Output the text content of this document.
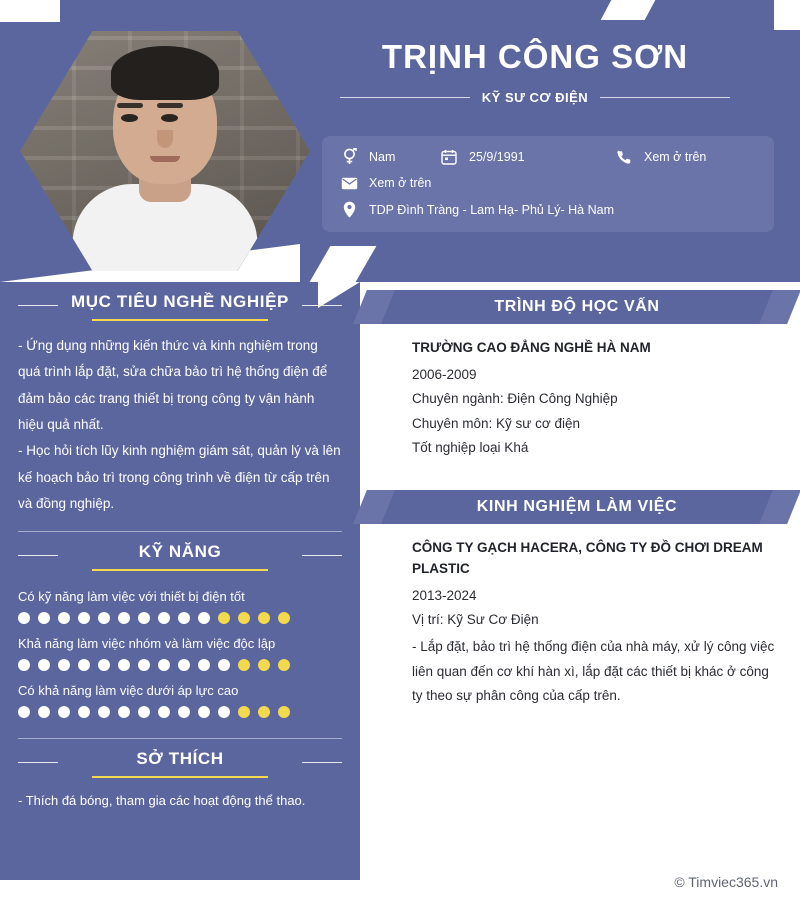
TRỊNH CÔNG SƠN
KỸ SƯ CƠ ĐIỆN
Nam	25/9/1991	Xem ở trên
Xem ở trên
TDP Đình Tràng - Lam Hạ- Phủ Lý- Hà Nam
MỤC TIÊU NGHỀ NGHIỆP

- Ứng dụng những kiến thức và kinh nghiệm trong quá trình lắp đặt, sửa chữa bảo trì hệ thống điện để đảm bảo các trang thiết bị trong công ty vận hành hiệu quả nhất.

- Học hỏi tích lũy kinh nghiệm giám sát, quản lý và lên kế hoạch bảo trì trong công trình về điện từ cấp trên và đồng nghiệp.

KỸ NĂNG
Có kỹ năng làm việc với thiết bị điện tốt
Khả năng làm việc nhóm và làm việc độc lập
Có khả năng làm việc dưới áp lực cao
SỞ THÍCH
- Thích đá bóng, tham gia các hoạt động thể thao.
TRÌNH ĐỘ HỌC VẤN
TRƯỜNG CAO ĐẲNG NGHỀ HÀ NAM
2006-2009
Chuyên ngành: Điện Công Nghiệp
Chuyên môn: Kỹ sư cơ điện
Tốt nghiệp loại Khá
KINH NGHIỆM LÀM VIỆC
CÔNG TY GẠCH HACERA, CÔNG TY ĐỒ CHƠI DREAM PLASTIC
2013-2024
Vị trí: Kỹ Sư Cơ Điện
- Lắp đặt, bảo trì hệ thống điện của nhà máy, xử lý công việc liên quan đến cơ khí hàn xì, lắp đặt các thiết bị khác ở công ty theo sự phân công của cấp trên.
© Timviec365.vn
